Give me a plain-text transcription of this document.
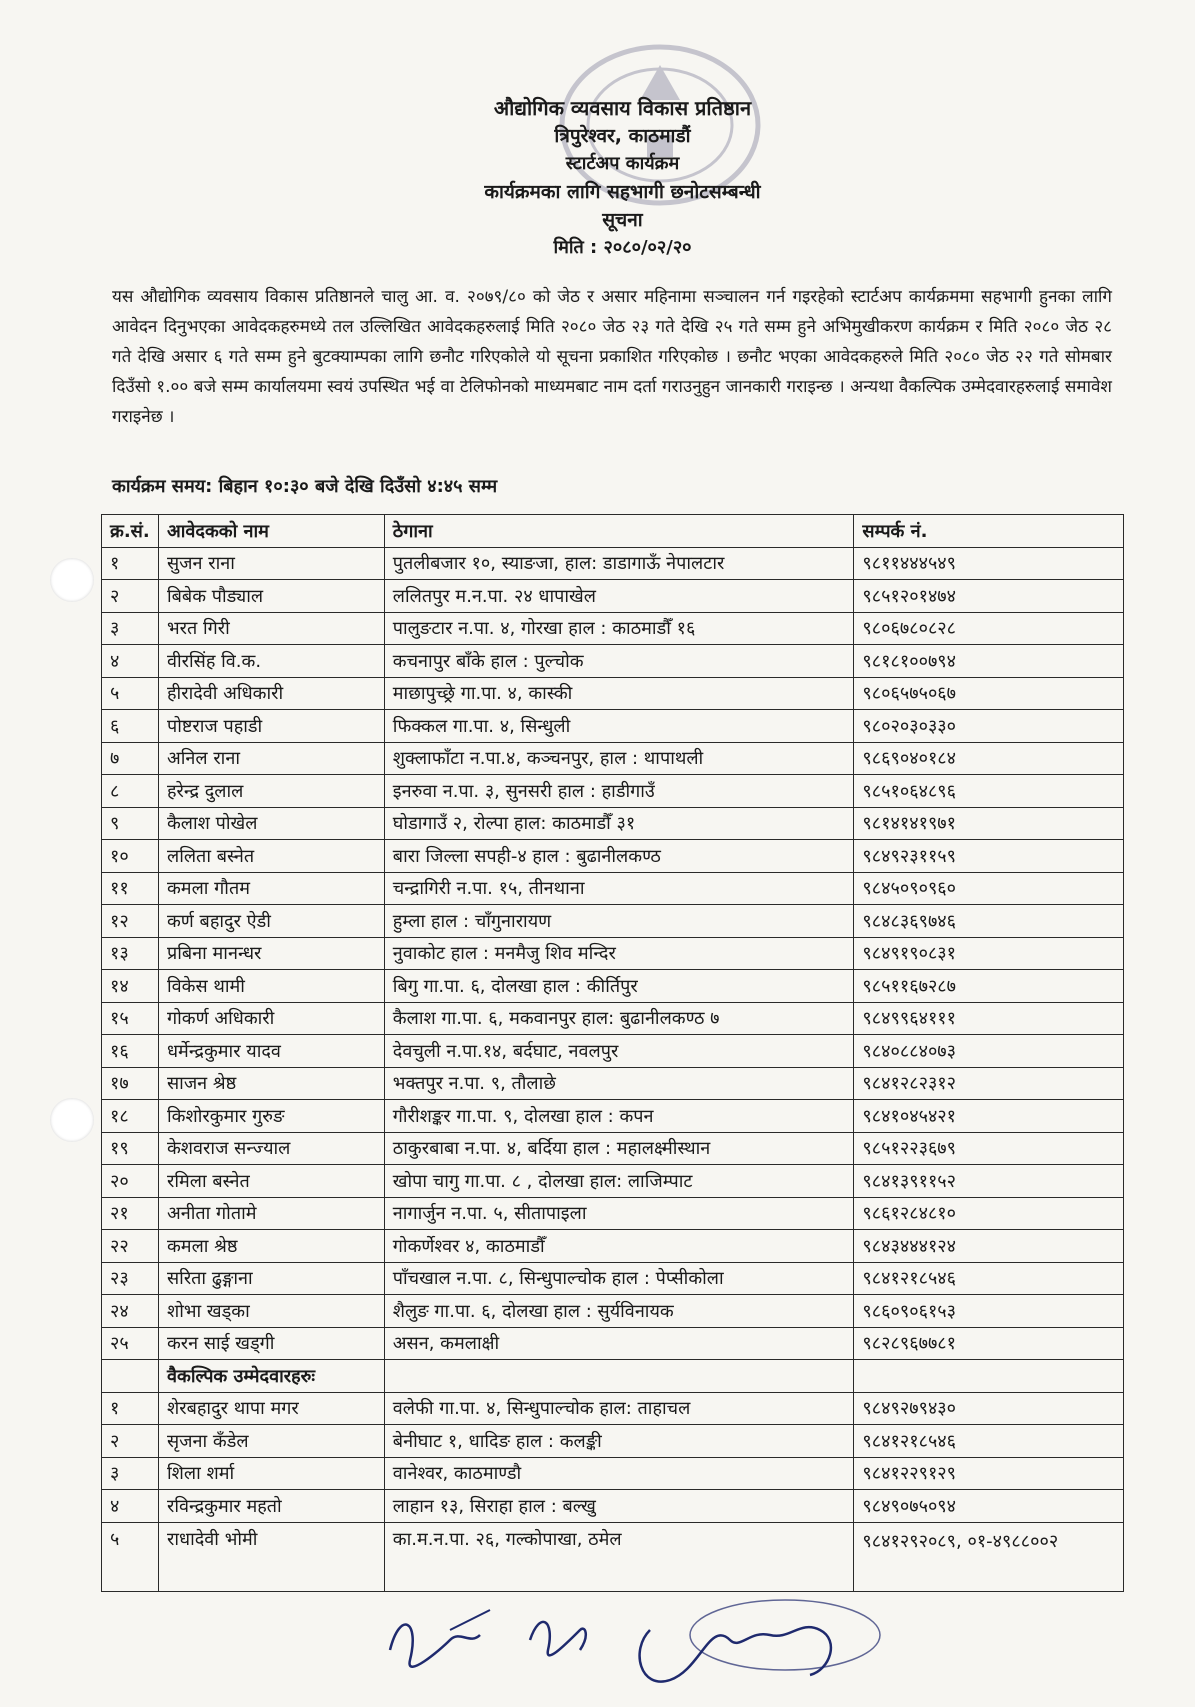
औद्योगिक व्यवसाय विकास प्रतिष्ठान
त्रिपुरेश्वर, काठमाडौं
स्टार्टअप कार्यक्रम
कार्यक्रमका लागि सहभागी छनोटसम्बन्धी
सूचना
मिति : २०८०/०२/२०
यस औद्योगिक व्यवसाय विकास प्रतिष्ठानले चालु आ. व. २०७९/८० को जेठ र असार महिनामा सञ्चालन गर्न गइरहेको स्टार्टअप कार्यक्रममा सहभागी हुनका लागि आवेदन दिनुभएका आवेदकहरुमध्ये तल उल्लिखित आवेदकहरुलाई मिति २०८० जेठ २३ गते देखि २५ गते सम्म हुने अभिमुखीकरण कार्यक्रम र मिति २०८० जेठ २८ गते देखि असार ६ गते सम्म हुने बुटक्याम्पका लागि छनौट गरिएकोले यो सूचना प्रकाशित गरिएकोछ । छनौट भएका आवेदकहरुले मिति २०८० जेठ २२ गते सोमबार दिउँसो १.०० बजे सम्म कार्यालयमा स्वयं उपस्थित भई वा टेलिफोनको माध्यमबाट नाम दर्ता गराउनुहुन जानकारी गराइन्छ । अन्यथा वैकल्पिक उम्मेदवारहरुलाई समावेश गराइनेछ ।
कार्यक्रम समय: बिहान १०:३० बजे देखि दिउँसो ४:४५ सम्म
क्र.सं.	आवेदकको नाम	ठेगाना	सम्पर्क नं.
१	सुजन राना	पुतलीबजार १०, स्याङजा, हाल: डाडागाऊँ नेपालटार	९८११४४४५४९
२	बिबेक पौड्याल	ललितपुर म.न.पा. २४ धापाखेल	९८५१२०१४७४
३	भरत गिरी	पालुङटार न.पा. ४, गोरखा हाल : काठमाडौँ १६	९८०६७८०८२८
४	वीरसिंह वि.क.	कचनापुर बाँके हाल : पुल्चोक	९८१८१००७९४
५	हीरादेवी अधिकारी	माछापुच्छ्रे गा.पा. ४, कास्की	९८०६५७५०६७
६	पोष्टराज पहाडी	फिक्कल गा.पा. ४, सिन्धुली	९८०२०३०३३०
७	अनिल राना	शुक्लाफाँटा न.पा.४, कञ्चनपुर, हाल : थापाथली	९८६९०४०१८४
८	हरेन्द्र दुलाल	इनरुवा न.पा. ३, सुनसरी हाल : हाडीगाउँ	९८५१०६४८९६
९	कैलाश पोखेल	घोडागाउँ २, रोल्पा हाल: काठमाडौँ ३१	९८१४१४१९७१
१०	ललिता बस्नेत	बारा जिल्ला सपही-४ हाल : बुढानीलकण्ठ	९८४९२३११५९
११	कमला गौतम	चन्द्रागिरी न.पा. १५, तीनथाना	९८४५०९०९६०
१२	कर्ण बहादुर ऐडी	हुम्ला हाल : चाँगुनारायण	९८४८३६९७४६
१३	प्रबिना मानन्धर	नुवाकोट हाल : मनमैजु शिव मन्दिर	९८४९१९०८३१
१४	विकेस थामी	बिगु गा.पा. ६, दोलखा हाल : कीर्तिपुर	९८५११६७२८७
१५	गोकर्ण अधिकारी	कैलाश गा.पा. ६, मकवानपुर हाल: बुढानीलकण्ठ ७	९८४९९६४१११
१६	धर्मेन्द्रकुमार यादव	देवचुली न.पा.१४, बर्दघाट, नवलपुर	९८४०८८४०७३
१७	साजन श्रेष्ठ	भक्तपुर न.पा. ९, तौलाछे	९८४१२८२३१२
१८	किशोरकुमार गुरुङ	गौरीशङ्कर गा.पा. ९, दोलखा हाल : कपन	९८४१०४५४२१
१९	केशवराज सन्ज्याल	ठाकुरबाबा न.पा. ४, बर्दिया हाल : महालक्ष्मीस्थान	९८५१२२३६७९
२०	रमिला बस्नेत	खोपा चागु गा.पा. ८ , दोलखा हाल: लाजिम्पाट	९८४१३९११५२
२१	अनीता गोतामे	नागार्जुन न.पा. ५, सीतापाइला	९८६१२८४८१०
२२	कमला श्रेष्ठ	गोकर्णेश्वर ४, काठमाडौँ	९८४३४४४१२४
२३	सरिता ढुङ्गाना	पाँचखाल न.पा. ८, सिन्धुपाल्चोक हाल : पेप्सीकोला	९८४१२१८५४६
२४	शोभा खड्का	शैलुङ गा.पा. ६, दोलखा हाल : सुर्यविनायक	९८६०९०६१५३
२५	करन साई खड्गी	असन, कमलाक्षी	९८२८९६७७८१
	वैकल्पिक उम्मेदवारहरुः		
१	शेरबहादुर थापा मगर	वलेफी गा.पा. ४, सिन्धुपाल्चोक हाल: ताहाचल	९८४९२७९४३०
२	सृजना कँडेल	बेनीघाट १, धादिङ हाल : कलङ्की	९८४१२१८५४६
३	शिला शर्मा	वानेश्वर, काठमाण्डौ	९८४१२२९१२९
४	रविन्द्रकुमार महतो	लाहान १३, सिराहा हाल : बल्खु	९८४९०७५०९४
५	राधादेवी भोमी	का.म.न.पा. २६, गल्कोपाखा, ठमेल	९८४१२९२०८९, ०१-४९८८००२
